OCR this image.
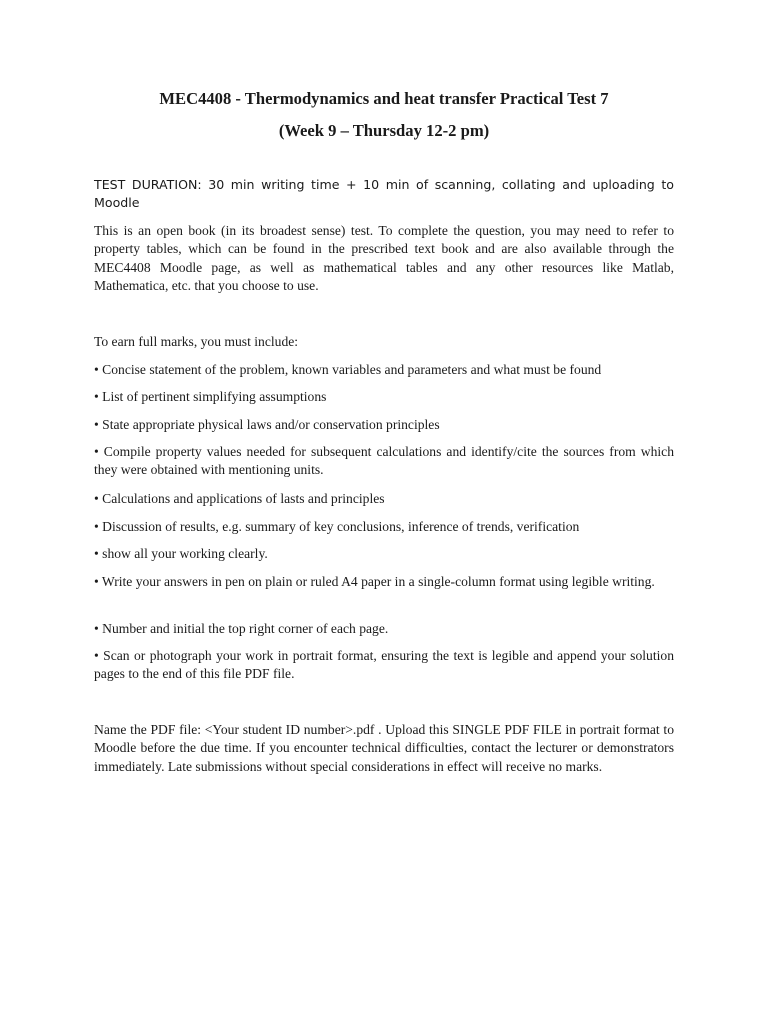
MEC4408 - Thermodynamics and heat transfer Practical Test 7
(Week 9 – Thursday 12-2 pm)

TEST DURATION: 30 min writing time + 10 min of scanning, collating and uploading to Moodle

This is an open book (in its broadest sense) test. To complete the question, you may need to refer to property tables, which can be found in the prescribed text book and are also available through the MEC4408 Moodle page, as well as mathematical tables and any other resources like Matlab, Mathematica, etc. that you choose to use.

To earn full marks, you must include:

• Concise statement of the problem, known variables and parameters and what must be found

• List of pertinent simplifying assumptions

• State appropriate physical laws and/or conservation principles

• Compile property values needed for subsequent calculations and identify/cite the sources from which they were obtained with mentioning units.

• Calculations and applications of lasts and principles

• Discussion of results, e.g. summary of key conclusions, inference of trends, verification

• show all your working clearly.

• Write your answers in pen on plain or ruled A4 paper in a single-column format using legible writing.

• Number and initial the top right corner of each page.

• Scan or photograph your work in portrait format, ensuring the text is legible and append your solution pages to the end of this file PDF file.

Name the PDF file: <Your student ID number>.pdf . Upload this SINGLE PDF FILE in portrait format to Moodle before the due time. If you encounter technical difficulties, contact the lecturer or demonstrators immediately. Late submissions without special considerations in effect will receive no marks.
